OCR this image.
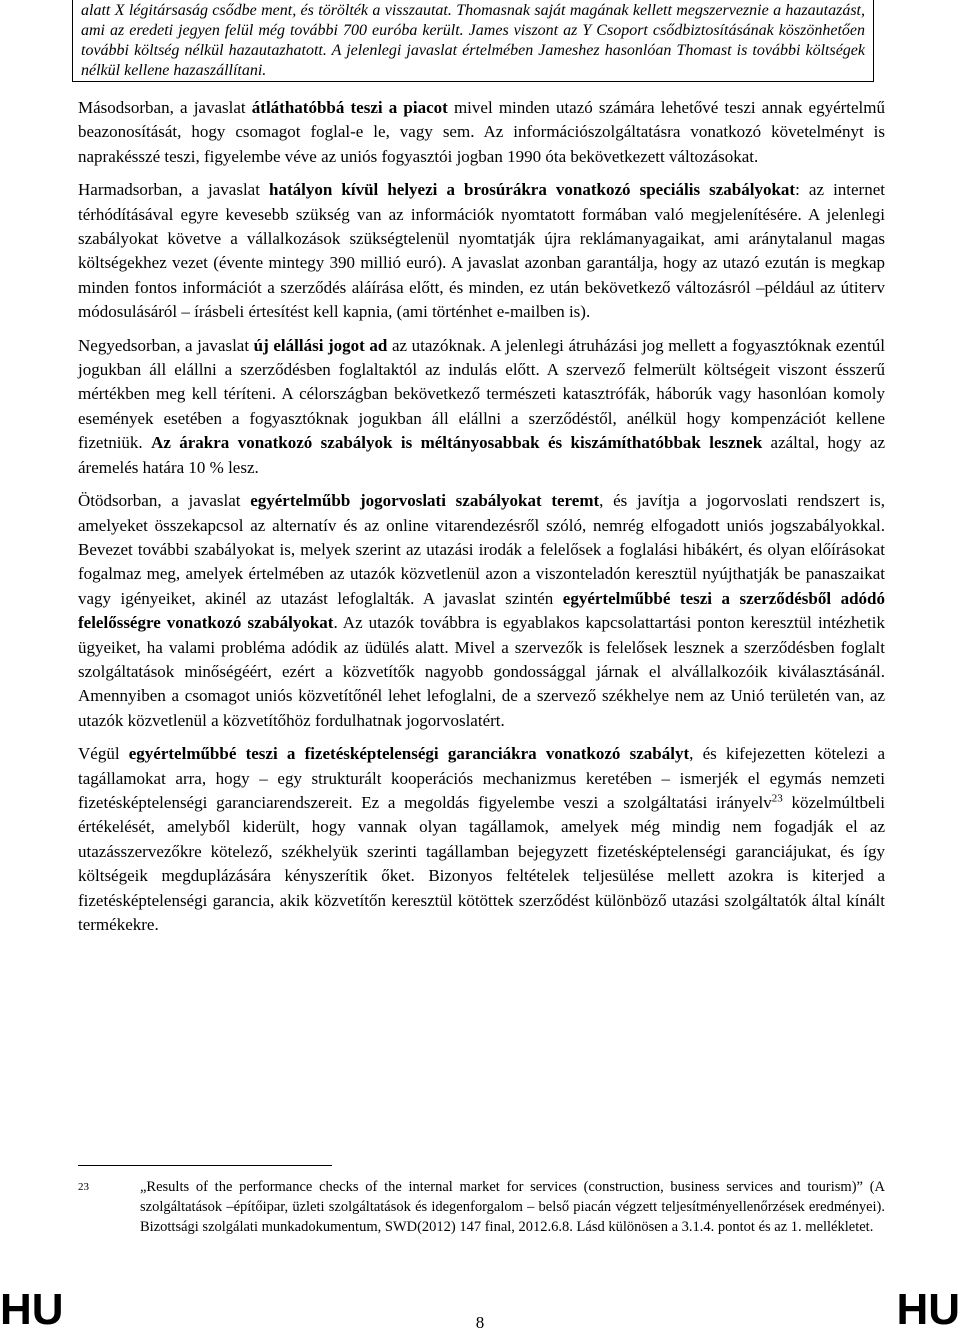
alatt X légitársaság csődbe ment, és törölték a visszautat. Thomasnak saját magának kellett megszerveznie a hazautazást, ami az eredeti jegyen felül még további 700 euróba került. James viszont az Y Csoport csődbiztosításának köszönhetően további költség nélkül hazautazhatott. A jelenlegi javaslat értelmében Jameshez hasonlóan Thomast is további költségek nélkül kellene hazaszállítani.

Másodsorban, a javaslat átláthatóbbá teszi a piacot mivel minden utazó számára lehetővé teszi annak egyértelmű beazonosítását, hogy csomagot foglal-e le, vagy sem. Az információszolgáltatásra vonatkozó követelményt is naprakésszé teszi, figyelembe véve az uniós fogyasztói jogban 1990 óta bekövetkezett változásokat.

Harmadsorban, a javaslat hatályon kívül helyezi a brosúrákra vonatkozó speciális szabályokat: az internet térhódításával egyre kevesebb szükség van az információk nyomtatott formában való megjelenítésére. A jelenlegi szabályokat követve a vállalkozások szükségtelenül nyomtatják újra reklámanyagaikat, ami aránytalanul magas költségekhez vezet (évente mintegy 390 millió euró). A javaslat azonban garantálja, hogy az utazó ezután is megkap minden fontos információt a szerződés aláírása előtt, és minden, ez után bekövetkező változásról ‒például az útiterv módosulásáról ‒ írásbeli értesítést kell kapnia, (ami történhet e-mailben is).

Negyedsorban, a javaslat új elállási jogot ad az utazóknak. A jelenlegi átruházási jog mellett a fogyasztóknak ezentúl jogukban áll elállni a szerződésben foglaltaktól az indulás előtt. A szervező felmerült költségeit viszont ésszerű mértékben meg kell téríteni. A célországban bekövetkező természeti katasztrófák, háborúk vagy hasonlóan komoly események esetében a fogyasztóknak jogukban áll elállni a szerződéstől, anélkül hogy kompenzációt kellene fizetniük. Az árakra vonatkozó szabályok is méltányosabbak és kiszámíthatóbbak lesznek azáltal, hogy az áremelés határa 10 % lesz.

Ötödsorban, a javaslat egyértelműbb jogorvoslati szabályokat teremt, és javítja a jogorvoslati rendszert is, amelyeket összekapcsol az alternatív és az online vitarendezésről szóló, nemrég elfogadott uniós jogszabályokkal. Bevezet további szabályokat is, melyek szerint az utazási irodák a felelősek a foglalási hibákért, és olyan előírásokat fogalmaz meg, amelyek értelmében az utazók közvetlenül azon a viszonteladón keresztül nyújthatják be panaszaikat vagy igényeiket, akinél az utazást lefoglalták. A javaslat szintén egyértelműbbé teszi a szerződésből adódó felelősségre vonatkozó szabályokat. Az utazók továbbra is egyablakos kapcsolattartási ponton keresztül intézhetik ügyeiket, ha valami probléma adódik az üdülés alatt. Mivel a szervezők is felelősek lesznek a szerződésben foglalt szolgáltatások minőségéért, ezért a közvetítők nagyobb gondossággal járnak el alvállalkozóik kiválasztásánál. Amennyiben a csomagot uniós közvetítőnél lehet lefoglalni, de a szervező székhelye nem az Unió területén van, az utazók közvetlenül a közvetítőhöz fordulhatnak jogorvoslatért.

Végül egyértelműbbé teszi a fizetésképtelenségi garanciákra vonatkozó szabályt, és kifejezetten kötelezi a tagállamokat arra, hogy ‒ egy strukturált kooperációs mechanizmus keretében ‒ ismerjék el egymás nemzeti fizetésképtelenségi garanciarendszereit. Ez a megoldás figyelembe veszi a szolgáltatási irányelv$^{23}$ közelmúltbeli értékelését, amelyből kiderült, hogy vannak olyan tagállamok, amelyek még mindig nem fogadják el az utazásszervezőkre kötelező, székhelyük szerinti tagállamban bejegyzett fizetésképtelenségi garanciájukat, és így költségeik megduplázására kényszerítik őket. Bizonyos feltételek teljesülése mellett azokra is kiterjed a fizetésképtelenségi garancia, akik közvetítőn keresztül kötöttek szerződést különböző utazási szolgáltatók által kínált termékekre.

23	„Results of the performance checks of the internal market for services (construction, business services and tourism)” (A szolgáltatások ‒építőipar, üzleti szolgáltatások és idegenforgalom ‒ belső piacán végzett teljesítményellenőrzések eredményei). Bizottsági szolgálati munkadokumentum, SWD(2012) 147 final, 2012.6.8. Lásd különösen a 3.1.4. pontot és az 1. mellékletet.
HU	8	HU
